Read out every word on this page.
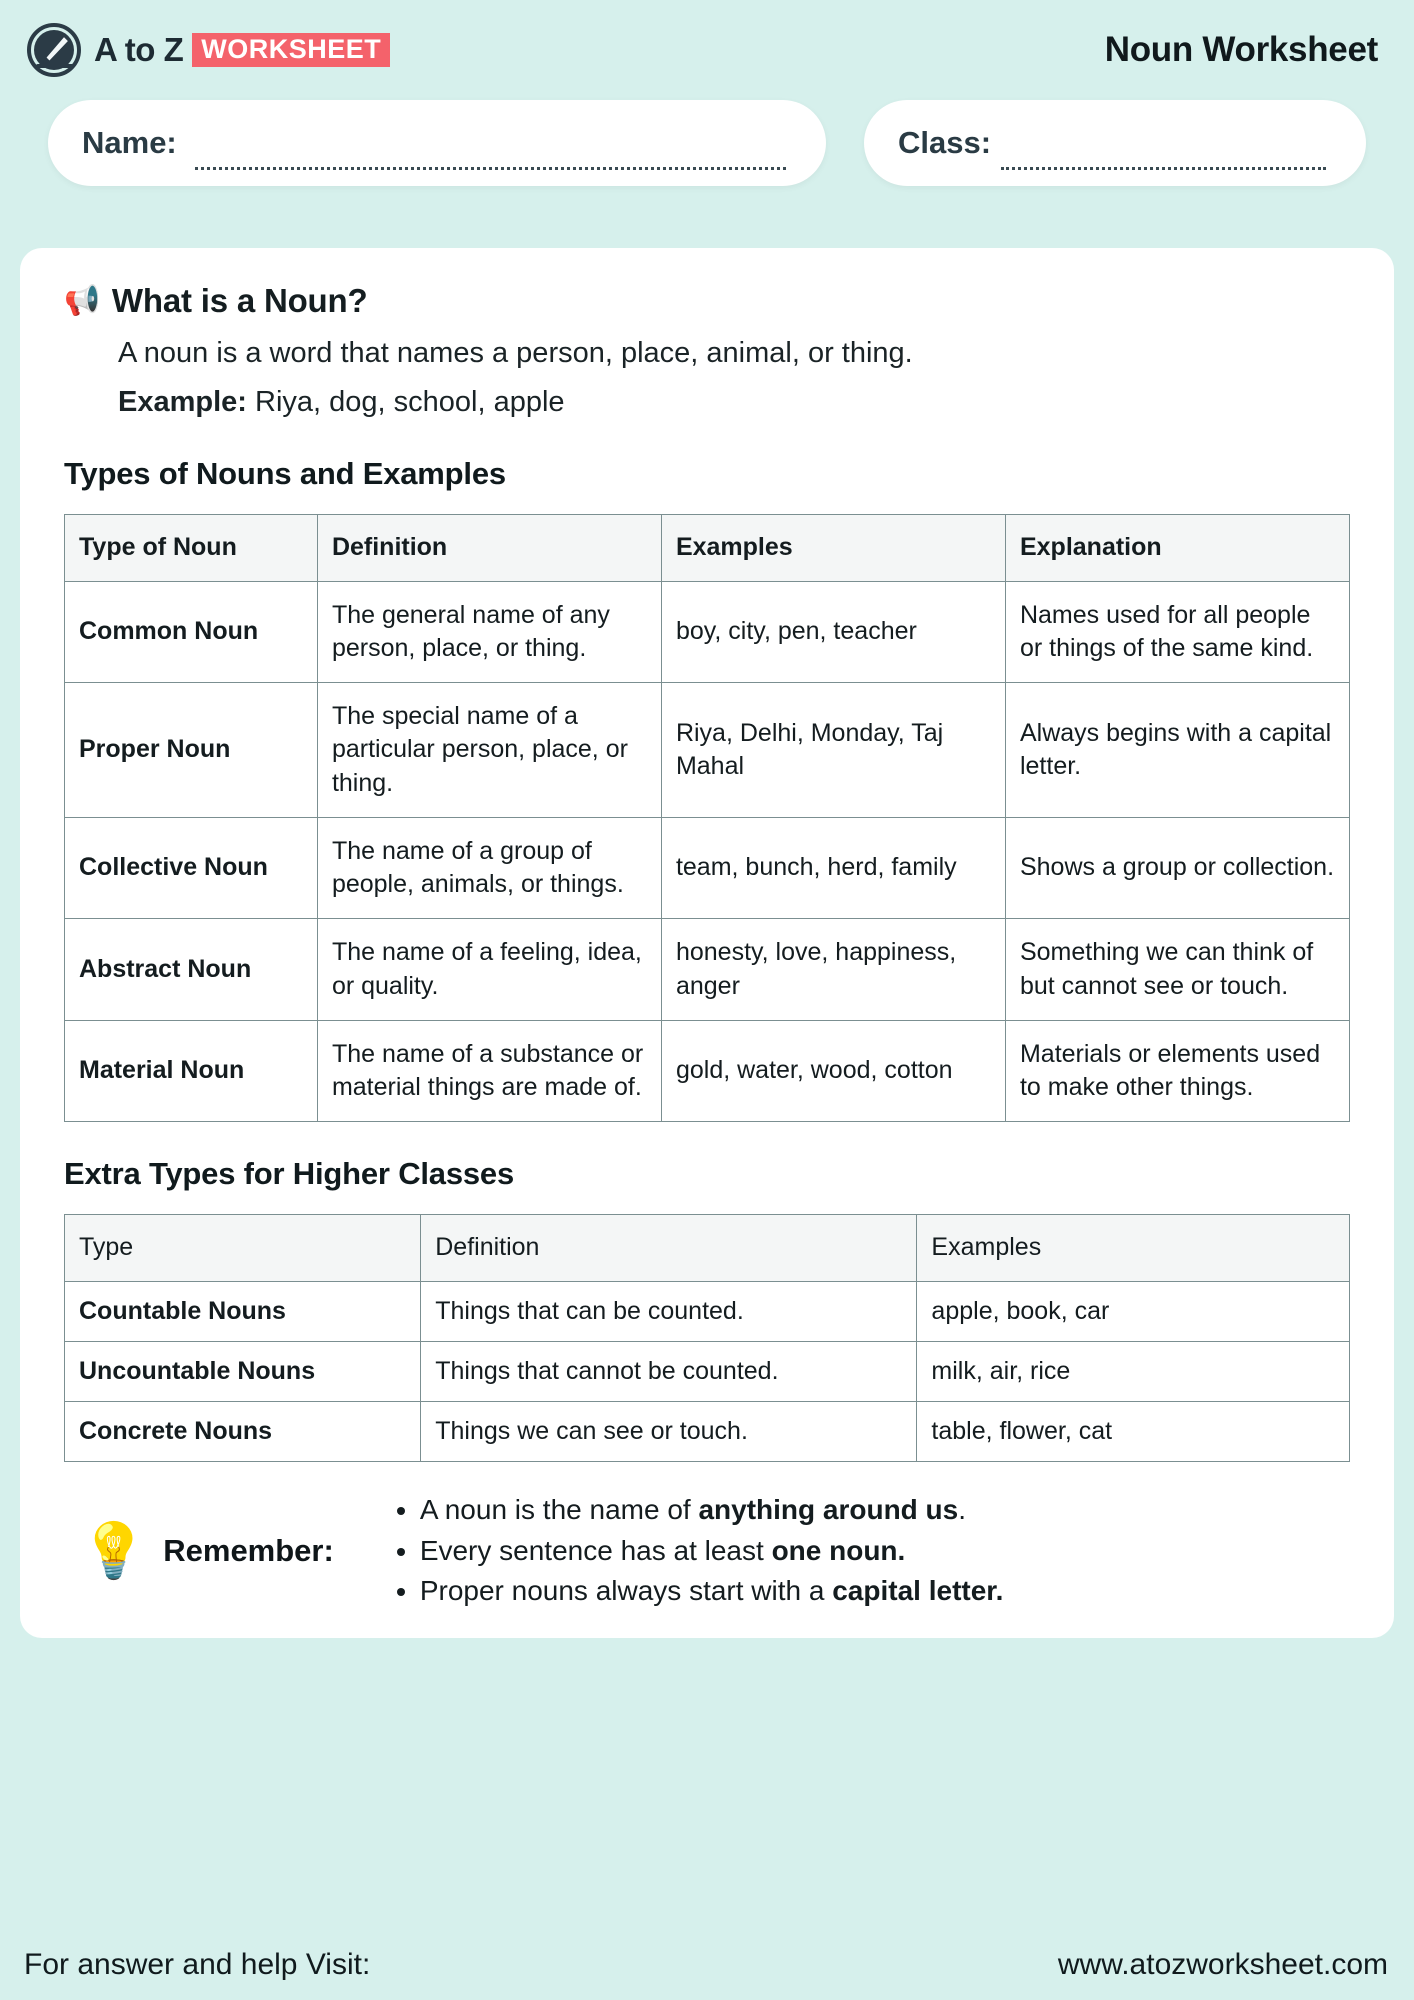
A to Z WORKSHEET	Noun Worksheet
Name:	Class:
📢 What is a Noun?
A noun is a word that names a person, place, animal, or thing.
Example: Riya, dog, school, apple
Types of Nouns and Examples
Type of Noun	Definition	Examples	Explanation
Common Noun	The general name of any person, place, or thing.	boy, city, pen, teacher	Names used for all people or things of the same kind.
Proper Noun	The special name of a particular person, place, or thing.	Riya, Delhi, Monday, Taj Mahal	Always begins with a capital letter.
Collective Noun	The name of a group of people, animals, or things.	team, bunch, herd, family	Shows a group or collection.
Abstract Noun	The name of a feeling, idea, or quality.	honesty, love, happiness, anger	Something we can think of but cannot see or touch.
Material Noun	The name of a substance or material things are made of.	gold, water, wood, cotton	Materials or elements used to make other things.
Extra Types for Higher Classes
Type	Definition	Examples
Countable Nouns	Things that can be counted.	apple, book, car
Uncountable Nouns	Things that cannot be counted.	milk, air, rice
Concrete Nouns	Things we can see or touch.	table, flower, cat
💡 Remember:
• A noun is the name of anything around us.
• Every sentence has at least one noun.
• Proper nouns always start with a capital letter.
For answer and help Visit:	www.atozworksheet.com
